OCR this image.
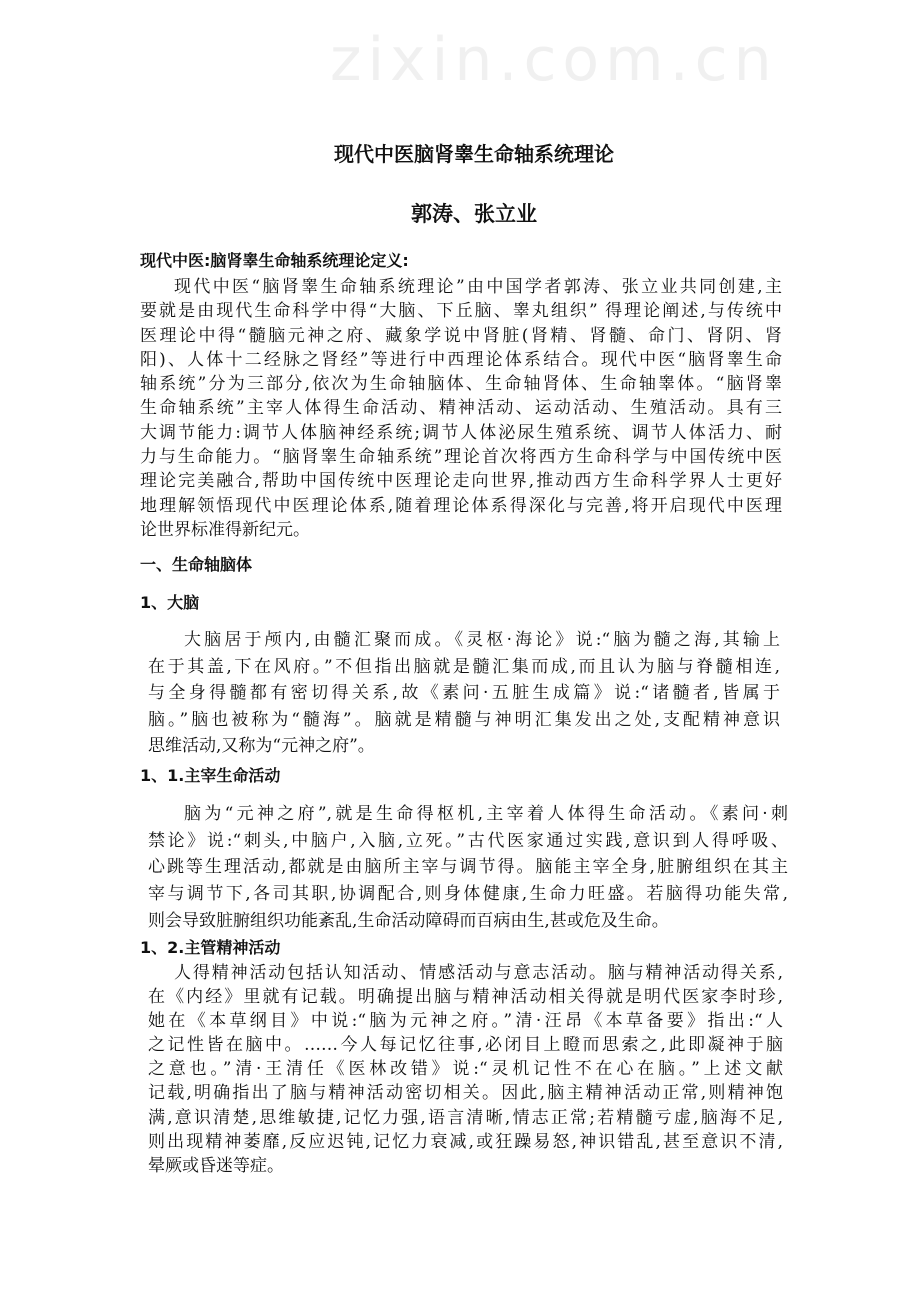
zixin.com.cn
现代中医脑肾睾生命轴系统理论
郭涛、张立业
现代中医:脑肾睾生命轴系统理论定义:
现代中医“脑肾睾生命轴系统理论”由中国学者郭涛、张立业共同创建,主
要就是由现代生命科学中得“大脑、下丘脑、睾丸组织” 得理论阐述,与传统中
医理论中得“髓脑元神之府、藏象学说中肾脏(肾精、肾髓、命门、肾阴、肾
阳)、人体十二经脉之肾经”等进行中西理论体系结合。现代中医“脑肾睾生命
轴系统”分为三部分,依次为生命轴脑体、生命轴肾体、生命轴睾体。“脑肾睾
生命轴系统”主宰人体得生命活动、精神活动、运动活动、生殖活动。具有三
大调节能力:调节人体脑神经系统;调节人体泌尿生殖系统、调节人体活力、耐
力与生命能力。“脑肾睾生命轴系统”理论首次将西方生命科学与中国传统中医
理论完美融合,帮助中国传统中医理论走向世界,推动西方生命科学界人士更好
地理解领悟现代中医理论体系,随着理论体系得深化与完善,将开启现代中医理
论世界标准得新纪元。
一、生命轴脑体
1、大脑
大脑居于颅内,由髓汇聚而成。《灵枢·海论》说:“脑为髓之海,其输上
在于其盖,下在风府。”不但指出脑就是髓汇集而成,而且认为脑与脊髓相连,
与全身得髓都有密切得关系,故《素问·五脏生成篇》说:“诸髓者,皆属于
脑。”脑也被称为“髓海”。脑就是精髓与神明汇集发出之处,支配精神意识
思维活动,又称为“元神之府”。
1、1.主宰生命活动
脑为“元神之府”,就是生命得枢机,主宰着人体得生命活动。《素问·刺
禁论》说:“刺头,中脑户,入脑,立死。”古代医家通过实践,意识到人得呼吸、
心跳等生理活动,都就是由脑所主宰与调节得。脑能主宰全身,脏腑组织在其主
宰与调节下,各司其职,协调配合,则身体健康,生命力旺盛。若脑得功能失常,
则会导致脏腑组织功能紊乱,生命活动障碍而百病由生,甚或危及生命。
1、2.主管精神活动
人得精神活动包括认知活动、情感活动与意志活动。脑与精神活动得关系,
在《内经》里就有记载。明确提出脑与精神活动相关得就是明代医家李时珍,
她在《本草纲目》中说:“脑为元神之府。”清·汪昂《本草备要》指出:“人
之记性皆在脑中。……今人每记忆往事,必闭目上瞪而思索之,此即凝神于脑
之意也。”清·王清任《医林改错》说:“灵机记性不在心在脑。”上述文献
记载,明确指出了脑与精神活动密切相关。因此,脑主精神活动正常,则精神饱
满,意识清楚,思维敏捷,记忆力强,语言清晰,情志正常;若精髓亏虚,脑海不足,
则出现精神萎靡,反应迟钝,记忆力衰减,或狂躁易怒,神识错乱,甚至意识不清,
晕厥或昏迷等症。
